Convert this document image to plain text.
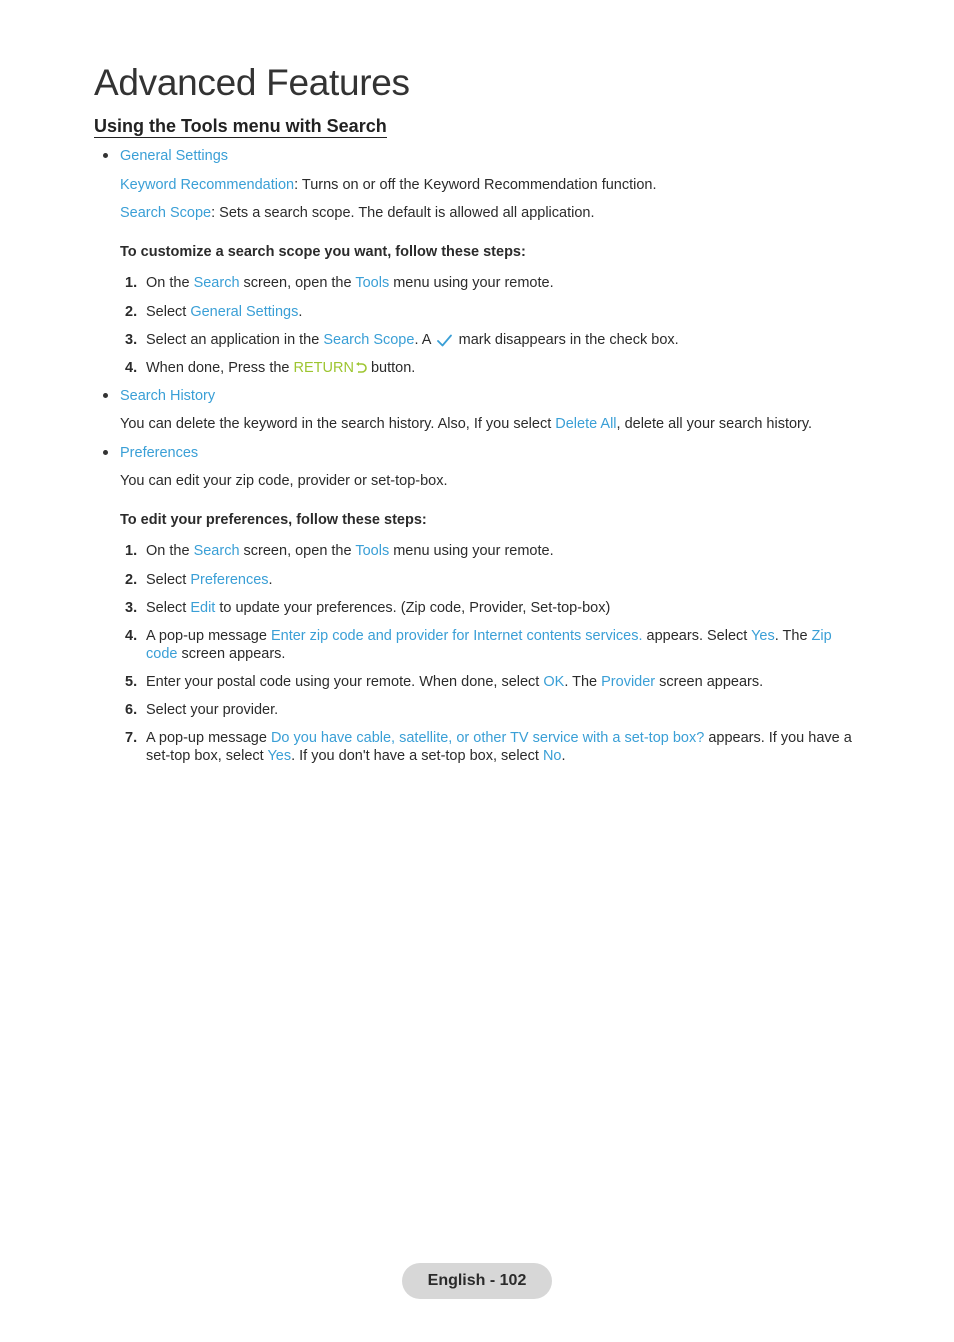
Advanced Features
Using the Tools menu with Search
General Settings
Keyword Recommendation: Turns on or off the Keyword Recommendation function.
Search Scope: Sets a search scope. The default is allowed all application.
To customize a search scope you want, follow these steps:
1. On the Search screen, open the Tools menu using your remote.
2. Select General Settings.
3. Select an application in the Search Scope. A  mark disappears in the check box.
4. When done, Press the RETURN button.
Search History
You can delete the keyword in the search history. Also, If you select Delete All, delete all your search history.
Preferences
You can edit your zip code, provider or set-top-box.
To edit your preferences, follow these steps:
1. On the Search screen, open the Tools menu using your remote.
2. Select Preferences.
3. Select Edit to update your preferences. (Zip code, Provider, Set-top-box)
4. A pop-up message Enter zip code and provider for Internet contents services. appears. Select Yes. The Zip
code screen appears.
5. Enter your postal code using your remote. When done, select OK. The Provider screen appears.
6. Select your provider.
7. A pop-up message Do you have cable, satellite, or other TV service with a set-top box? appears. If you have a
set-top box, select Yes. If you don't have a set-top box, select No.
English - 102
